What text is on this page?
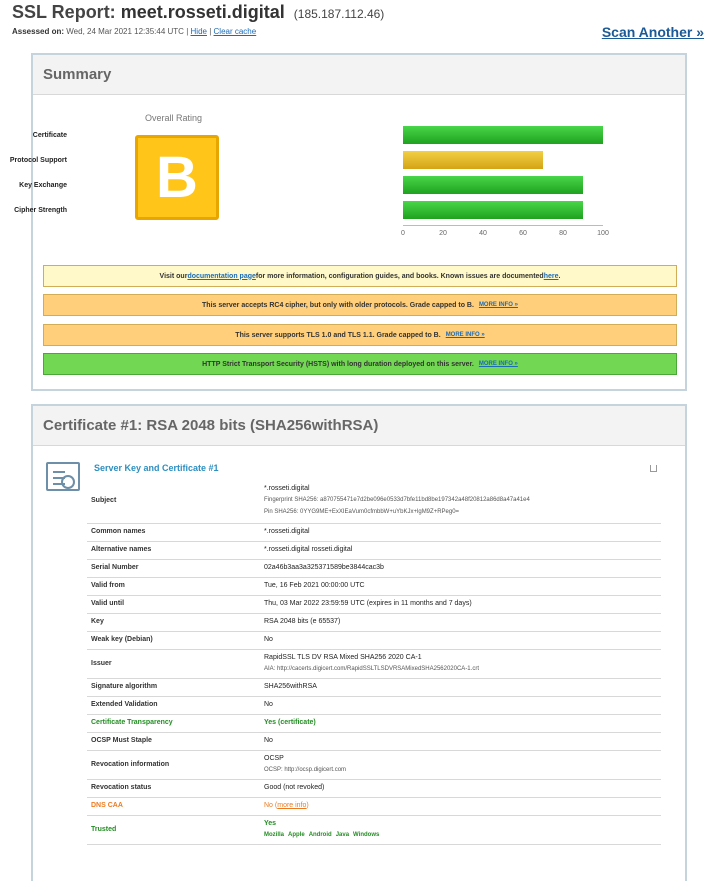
SSL Report: meet.rosseti.digital (185.187.112.46)
Assessed on: Wed, 24 Mar 2021 12:35:44 UTC | Hide | Clear cache	Scan Another »
Summary
Overall Rating
B
Certificate
Protocol Support
Key Exchange
Cipher Strength
0	20	40	60	80	100
Visit our documentation page for more information, configuration guides, and books. Known issues are documented here .
This server accepts RC4 cipher, but only with older protocols. Grade capped to B. MORE INFO »
This server supports TLS 1.0 and TLS 1.1. Grade capped to B. MORE INFO »
HTTP Strict Transport Security (HSTS) with long duration deployed on this server. MORE INFO »
Certificate #1: RSA 2048 bits (SHA256withRSA)
Server Key and Certificate #1
Subject	*.rosseti.digital
Fingerprint SHA256: a870755471e7d2be096e0533d7bfe11bd8be197342a48f20812a86d8a47a41e4
Pin SHA256: 0YYG9ME+ExXIEaVum0cfmbbW+uYbKJx+lgM9Z+RPeg0=

Common names	*.rosseti.digital
Alternative names	*.rosseti.digital rosseti.digital
Serial Number	02a46b3aa3a325371589be3844cac3b
Valid from	Tue, 16 Feb 2021 00:00:00 UTC
Valid until	Thu, 03 Mar 2022 23:59:59 UTC (expires in 11 months and 7 days)
Key	RSA 2048 bits (e 65537)
Weak key (Debian)	No
Issuer	RapidSSL TLS DV RSA Mixed SHA256 2020 CA-1
AIA: http://cacerts.digicert.com/RapidSSLTLSDVRSAMixedSHA2562020CA-1.crt

Signature algorithm	SHA256withRSA
Extended Validation	No
Certificate Transparency	Yes (certificate)
OCSP Must Staple	No
Revocation information	OCSP
OCSP: http://ocsp.digicert.com

Revocation status	Good (not revoked)
DNS CAA	No (more info)
Trusted	Yes
Mozilla Apple Android Java Windows
